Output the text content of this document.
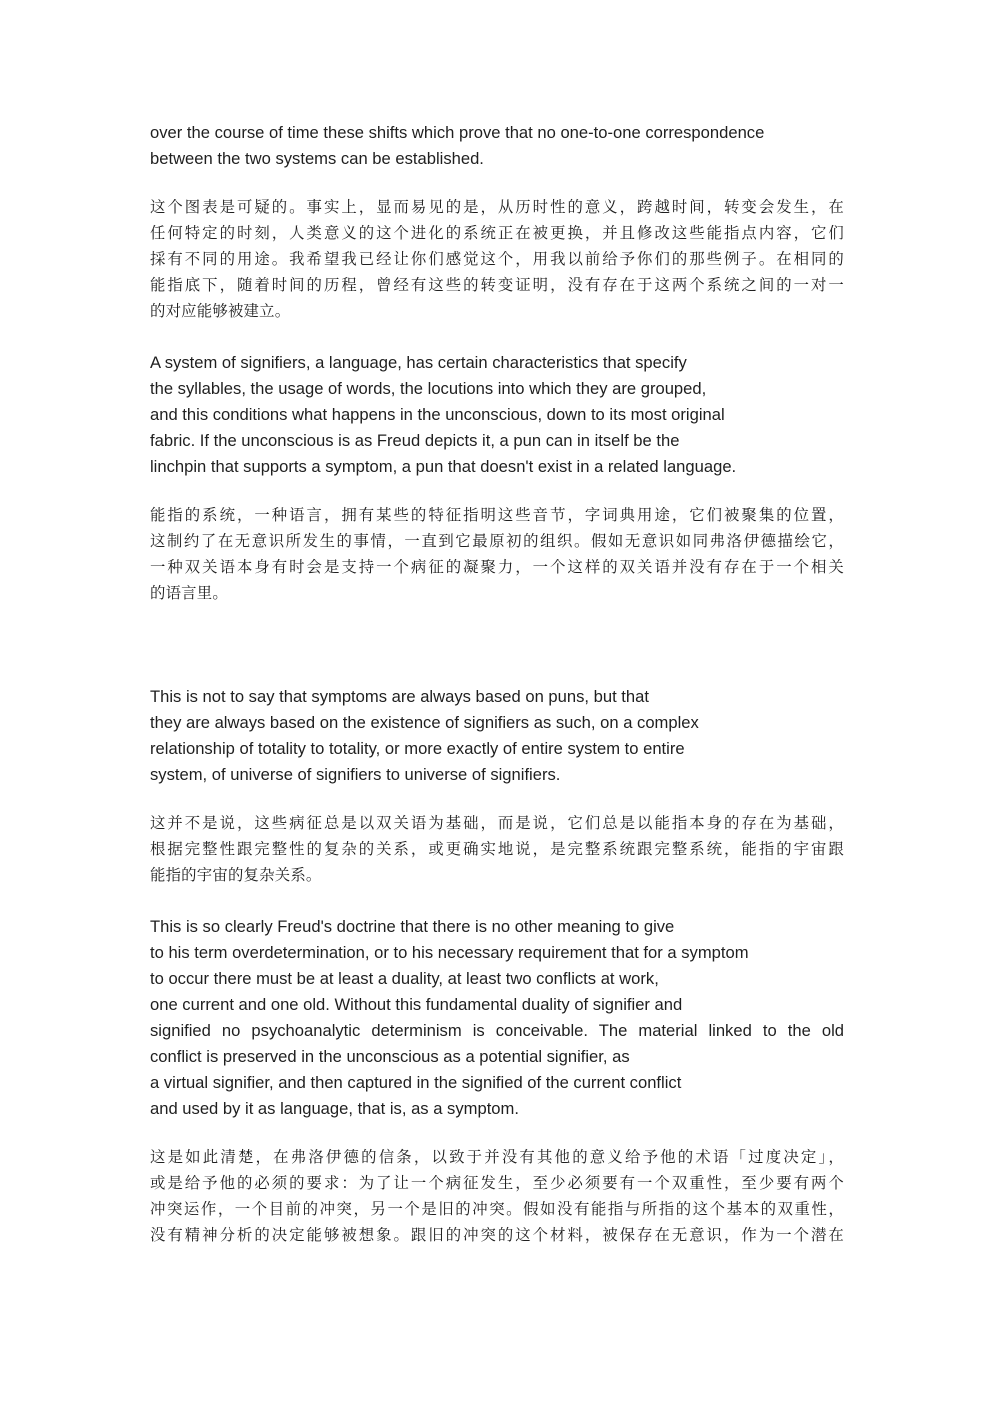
over the course of time these shifts which prove that no one-to-one correspondence
between the two systems can be established.
这个图表是可疑的。事实上，显而易见的是，从历时性的意义，跨越时间，转变会发生，在
任何特定的时刻，人类意义的这个进化的系统正在被更换，并且修改这些能指点内容，它们
採有不同的用途。我希望我已经让你们感觉这个，用我以前给予你们的那些例子。在相同的
能指底下，随着时间的历程，曾经有这些的转变证明，没有存在于这两个系统之间的一对一
的对应能够被建立。
A system of signifiers, a language, has certain characteristics that specify
the syllables, the usage of words, the locutions into which they are grouped,
and this conditions what happens in the unconscious, down to its most original
fabric. If the unconscious is as Freud depicts it, a pun can in itself be the
linchpin that supports a symptom, a pun that doesn't exist in a related language.
能指的系统，一种语言，拥有某些的特征指明这些音节，字词典用途，它们被聚集的位置，
这制约了在无意识所发生的事情，一直到它最原初的组织。假如无意识如同弗洛伊德描绘它，
一种双关语本身有时会是支持一个病征的凝聚力，一个这样的双关语并没有存在于一个相关
的语言里。
This is not to say that symptoms are always based on puns, but that
they are always based on the existence of signifiers as such, on a complex
relationship of totality to totality, or more exactly of entire system to entire
system, of universe of signifiers to universe of signifiers.
这并不是说，这些病征总是以双关语为基础，而是说，它们总是以能指本身的存在为基础，
根据完整性跟完整性的复杂的关系，或更确实地说，是完整系统跟完整系统，能指的宇宙跟
能指的宇宙的复杂关系。
This is so clearly Freud's doctrine that there is no other meaning to give
to his term overdetermination, or to his necessary requirement that for a symptom
to occur there must be at least a duality, at least two conflicts at work,
one current and one old. Without this fundamental duality of signifier and
signified no psychoanalytic determinism is conceivable. The material linked to the old
conflict is preserved in the unconscious as a potential signifier, as
a virtual signifier, and then captured in the signified of the current conflict
and used by it as language, that is, as a symptom.
这是如此清楚，在弗洛伊德的信条，以致于并没有其他的意义给予他的术语「过度决定」，
或是给予他的必须的要求：为了让一个病征发生，至少必须要有一个双重性，至少要有两个
冲突运作，一个目前的冲突，另一个是旧的冲突。假如没有能指与所指的这个基本的双重性，
没有精神分析的决定能够被想象。跟旧的冲突的这个材料，被保存在无意识，作为一个潜在
